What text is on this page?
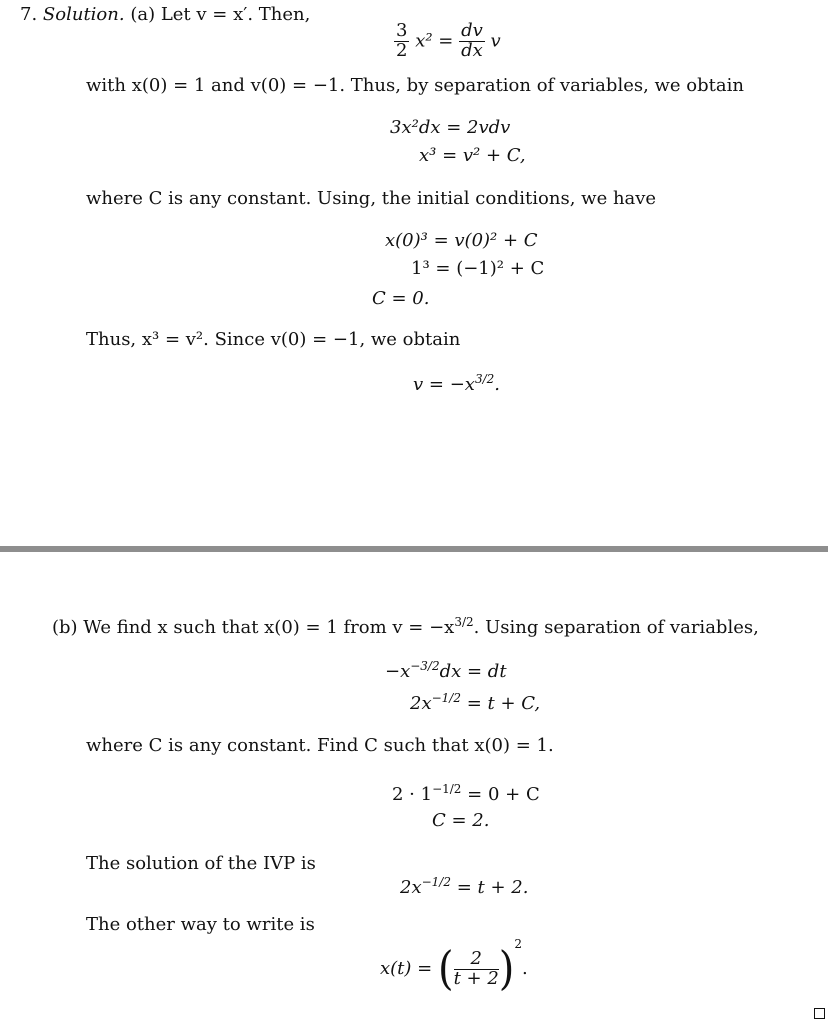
7. Solution. (a) Let v = x′. Then,
$\frac{3}{2} x^2 = \frac{dv}{dx}$ v
with x(0) = 1 and v(0) = −1. Thus, by separation of variables, we obtain
3x²dx = 2vdv
x³ = v² + C,
where C is any constant. Using, the initial conditions, we have
x(0)³ = v(0)² + C
1³ = (−1)² + C
C = 0.
Thus, x³ = v². Since v(0) = −1, we obtain
$v = -x^{3/2}$.
(b) We find x such that x(0) = 1 from $v = -x^{3/2}$. Using separation of variables,
$-x^{-3/2}dx$ = dt
$2x^{-1/2} = t + C$,
where C is any constant. Find C such that x(0) = 1.
$2 \cdot 1^{-1/2} = 0 + C$
C = 2.
The solution of the IVP is
$2x^{-1/2} = t + 2$.
The other way to write is
x(t) = ( $\frac{2}{t + 2} )^2$.
